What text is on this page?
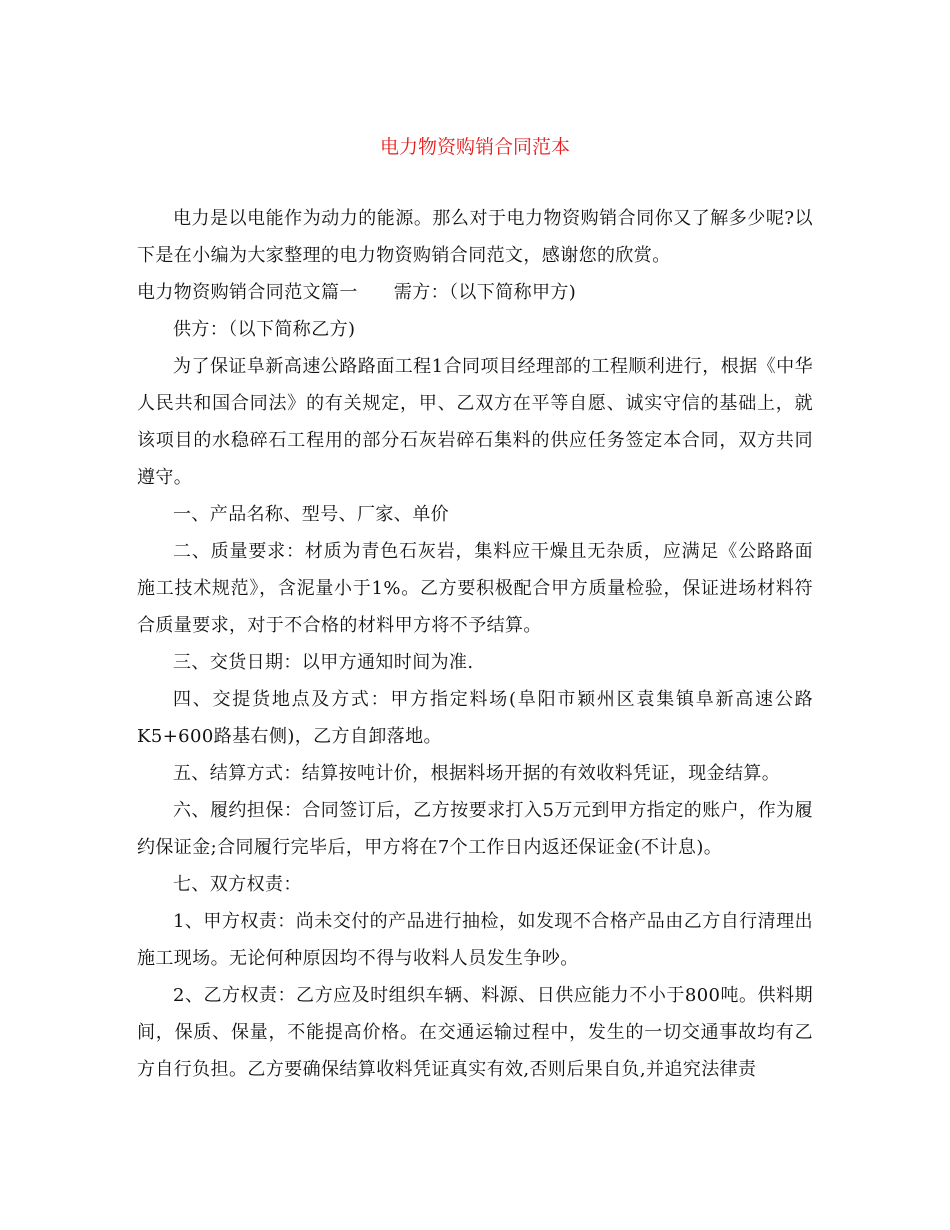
电力物资购销合同范本

电力是以电能作为动力的能源。那么对于电力物资购销合同你又了解多少呢?以下是在小编为大家整理的电力物资购销合同范文，感谢您的欣赏。

电力物资购销合同范文篇一 需方：（以下简称甲方)

供方：（以下简称乙方)

为了保证阜新高速公路路面工程1合同项目经理部的工程顺利进行，根据《中华人民共和国合同法》的有关规定，甲、乙双方在平等自愿、诚实守信的基础上，就该项目的水稳碎石工程用的部分石灰岩碎石集料的供应任务签定本合同，双方共同遵守。

一、产品名称、型号、厂家、单价

二、质量要求：材质为青色石灰岩，集料应干燥且无杂质，应满足《公路路面施工技术规范》，含泥量小于1%。乙方要积极配合甲方质量检验，保证进场材料符合质量要求，对于不合格的材料甲方将不予结算。

三、交货日期：以甲方通知时间为准.

四、交提货地点及方式：甲方指定料场(阜阳市颖州区袁集镇阜新高速公路K5+600路基右侧)，乙方自卸落地。

五、结算方式：结算按吨计价，根据料场开据的有效收料凭证，现金结算。

六、履约担保：合同签订后，乙方按要求打入5万元到甲方指定的账户，作为履约保证金;合同履行完毕后，甲方将在7个工作日内返还保证金(不计息)。

七、双方权责：

1、甲方权责：尚未交付的产品进行抽检，如发现不合格产品由乙方自行清理出施工现场。无论何种原因均不得与收料人员发生争吵。

2、乙方权责：乙方应及时组织车辆、料源、日供应能力不小于800吨。供料期间，保质、保量，不能提高价格。在交通运输过程中，发生的一切交通事故均有乙方自行负担。乙方要确保结算收料凭证真实有效,否则后果自负,并追究法律责
